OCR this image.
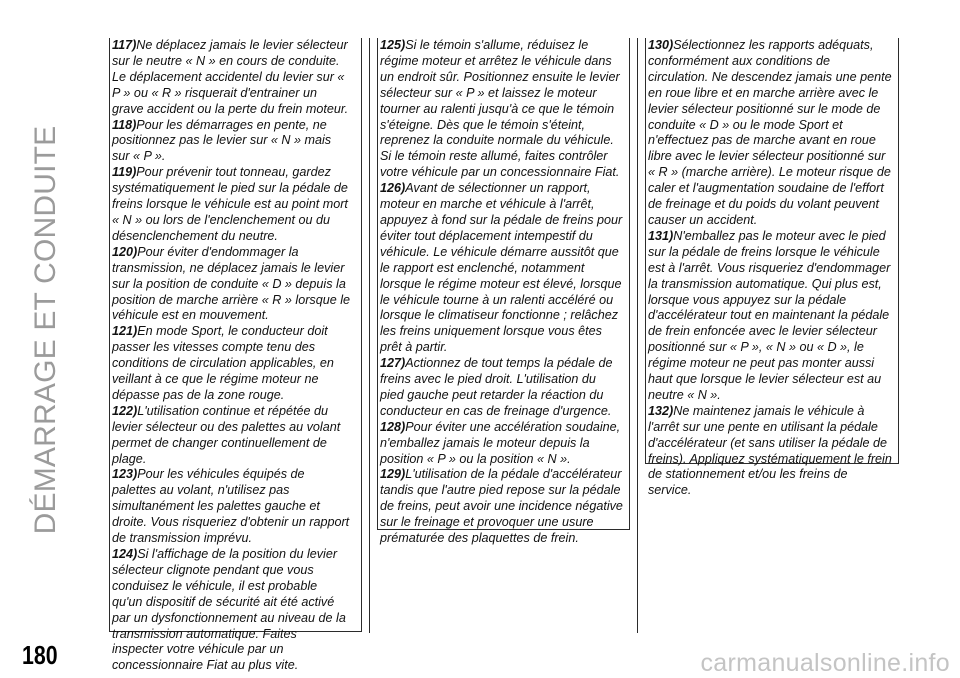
DÉMARRAGE ET CONDUITE

117)Ne déplacez jamais le levier sélecteur sur le neutre « N » en cours de conduite. Le déplacement accidentel du levier sur « P » ou « R » risquerait d'entrainer un grave accident ou la perte du frein moteur.

118)Pour les démarrages en pente, ne positionnez pas le levier sur « N » mais sur « P ».

119)Pour prévenir tout tonneau, gardez systématiquement le pied sur la pédale de freins lorsque le véhicule est au point mort « N » ou lors de l'enclenchement ou du désenclenchement du neutre.

120)Pour éviter d'endommager la transmission, ne déplacez jamais le levier sur la position de conduite « D » depuis la position de marche arrière « R » lorsque le véhicule est en mouvement.

121)En mode Sport, le conducteur doit passer les vitesses compte tenu des conditions de circulation applicables, en veillant à ce que le régime moteur ne dépasse pas de la zone rouge.

122)L'utilisation continue et répétée du levier sélecteur ou des palettes au volant permet de changer continuellement de plage.

123)Pour les véhicules équipés de palettes au volant, n'utilisez pas simultanément les palettes gauche et droite. Vous risqueriez d'obtenir un rapport de transmission imprévu.

124)Si l'affichage de la position du levier sélecteur clignote pendant que vous conduisez le véhicule, il est probable qu'un dispositif de sécurité ait été activé par un dysfonctionnement au niveau de la transmission automatique. Faites inspecter votre véhicule par un concessionnaire Fiat au plus vite.

125)Si le témoin s'allume, réduisez le régime moteur et arrêtez le véhicule dans un endroit sûr. Positionnez ensuite le levier sélecteur sur « P » et laissez le moteur tourner au ralenti jusqu'à ce que le témoin s'éteigne. Dès que le témoin s'éteint, reprenez la conduite normale du véhicule. Si le témoin reste allumé, faites contrôler votre véhicule par un concessionnaire Fiat.

126)Avant de sélectionner un rapport, moteur en marche et véhicule à l'arrêt, appuyez à fond sur la pédale de freins pour éviter tout déplacement intempestif du véhicule. Le véhicule démarre aussitôt que le rapport est enclenché, notamment lorsque le régime moteur est élevé, lorsque le véhicule tourne à un ralenti accéléré ou lorsque le climatiseur fonctionne ; relâchez les freins uniquement lorsque vous êtes prêt à partir.

127)Actionnez de tout temps la pédale de freins avec le pied droit. L'utilisation du pied gauche peut retarder la réaction du conducteur en cas de freinage d'urgence.

128)Pour éviter une accélération soudaine, n'emballez jamais le moteur depuis la position « P » ou la position « N ».

129)L'utilisation de la pédale d'accélérateur tandis que l'autre pied repose sur la pédale de freins, peut avoir une incidence négative sur le freinage et provoquer une usure prématurée des plaquettes de frein.

130)Sélectionnez les rapports adéquats, conformément aux conditions de circulation. Ne descendez jamais une pente en roue libre et en marche arrière avec le levier sélecteur positionné sur le mode de conduite « D » ou le mode Sport et n'effectuez pas de marche avant en roue libre avec le levier sélecteur positionné sur « R » (marche arrière). Le moteur risque de caler et l'augmentation soudaine de l'effort de freinage et du poids du volant peuvent causer un accident.

131)N'emballez pas le moteur avec le pied sur la pédale de freins lorsque le véhicule est à l'arrêt. Vous risqueriez d'endommager la transmission automatique. Qui plus est, lorsque vous appuyez sur la pédale d'accélérateur tout en maintenant la pédale de frein enfoncée avec le levier sélecteur positionné sur « P », « N » ou « D », le régime moteur ne peut pas monter aussi haut que lorsque le levier sélecteur est au neutre « N ».

132)Ne maintenez jamais le véhicule à l'arrêt sur une pente en utilisant la pédale d'accélérateur (et sans utiliser la pédale de freins). Appliquez systématiquement le frein de stationnement et/ou les freins de service.

180	carmanualsonline.info
